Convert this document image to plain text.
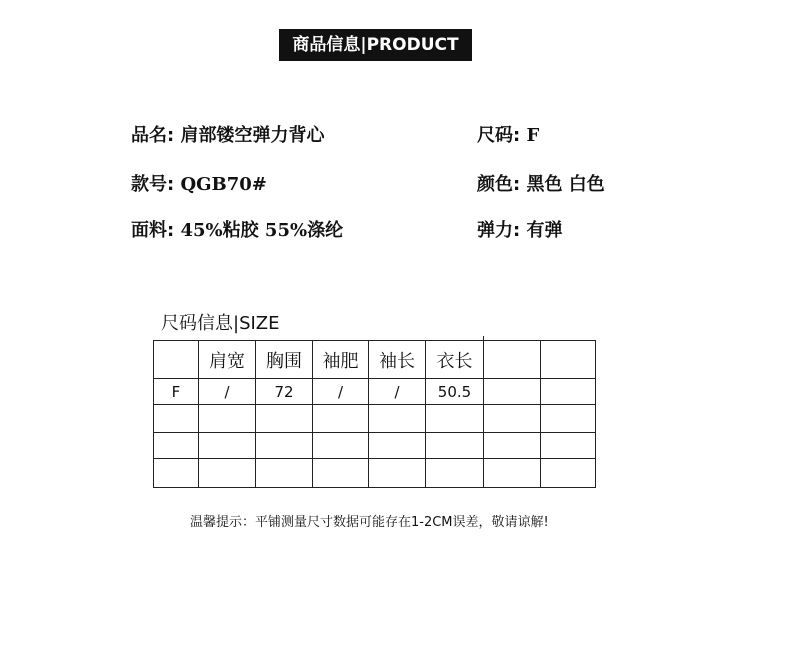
商品信息|PRODUCT
品名: 肩部镂空弹力背心	尺码: F
款号: QGB70#	颜色: 黑色 白色
面料: 45%粘胶 55%涤纶	弹力: 有弹
尺码信息|SIZE
	肩宽	胸围	袖肥	袖长	衣长		
F	/	72	/	/	50.5		

温馨提示：平铺测量尺寸数据可能存在1-2CM误差，敬请谅解!
